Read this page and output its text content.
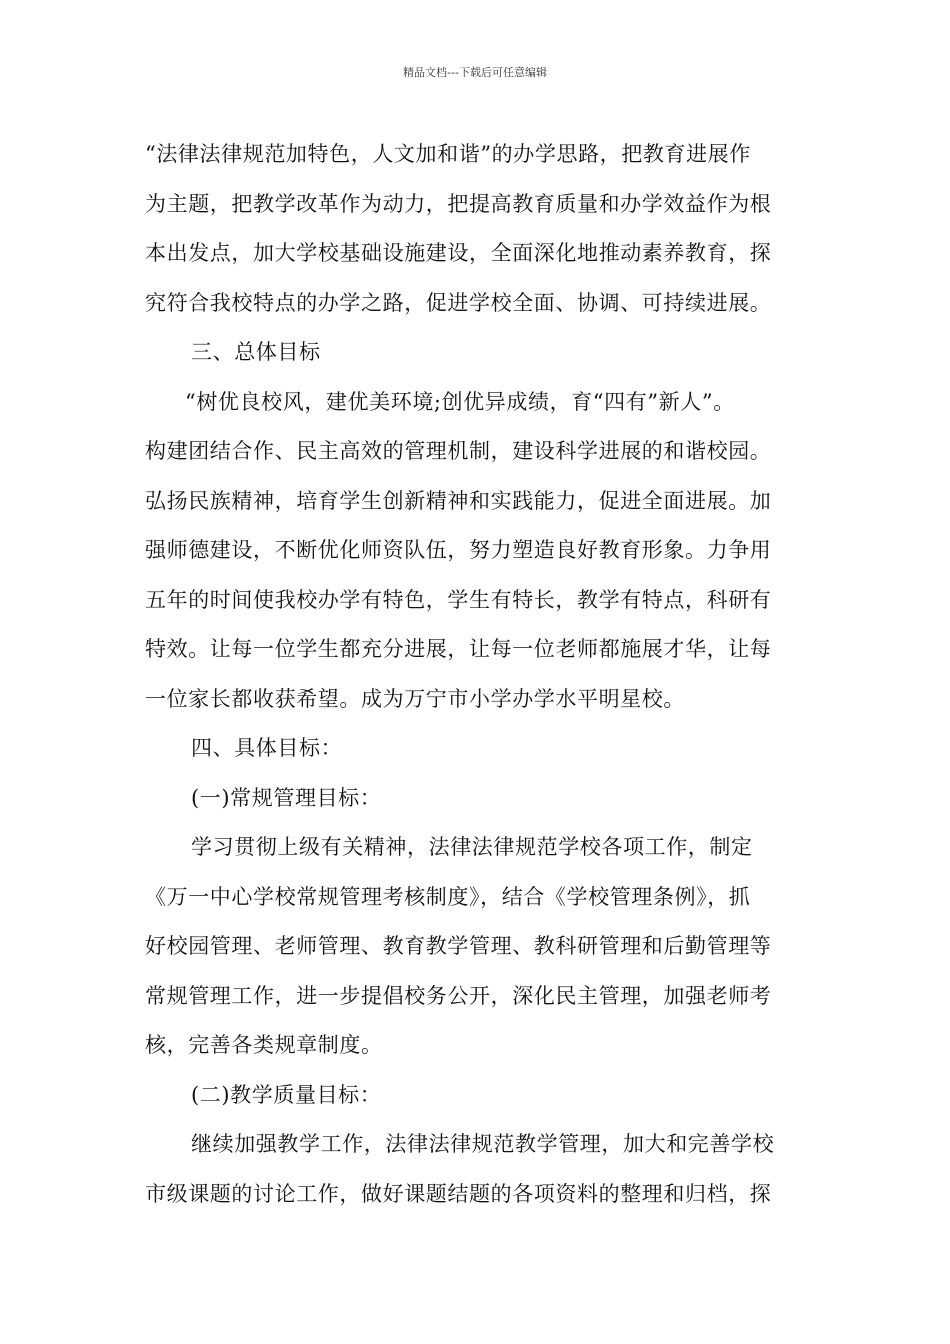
精品文档---下载后可任意编辑

“法律法律规范加特色，人文加和谐”的办学思路，把教育进展作

为主题，把教学改革作为动力，把提高教育质量和办学效益作为根

本出发点，加大学校基础设施建设，全面深化地推动素养教育，探

究符合我校特点的办学之路，促进学校全面、协调、可持续进展。

三、总体目标

“树优良校风，建优美环境;创优异成绩，育“四有”新人”。

构建团结合作、民主高效的管理机制，建设科学进展的和谐校园。

弘扬民族精神，培育学生创新精神和实践能力，促进全面进展。加

强师德建设，不断优化师资队伍，努力塑造良好教育形象。力争用

五年的时间使我校办学有特色，学生有特长，教学有特点，科研有

特效。让每一位学生都充分进展，让每一位老师都施展才华，让每

一位家长都收获希望。成为万宁市小学办学水平明星校。

四、具体目标：

(一)常规管理目标：

学习贯彻上级有关精神，法律法律规范学校各项工作，制定

《万一中心学校常规管理考核制度》，结合《学校管理条例》，抓

好校园管理、老师管理、教育教学管理、教科研管理和后勤管理等

常规管理工作，进一步提倡校务公开，深化民主管理，加强老师考

核，完善各类规章制度。

(二)教学质量目标：

继续加强教学工作，法律法律规范教学管理，加大和完善学校

市级课题的讨论工作，做好课题结题的各项资料的整理和归档，探
